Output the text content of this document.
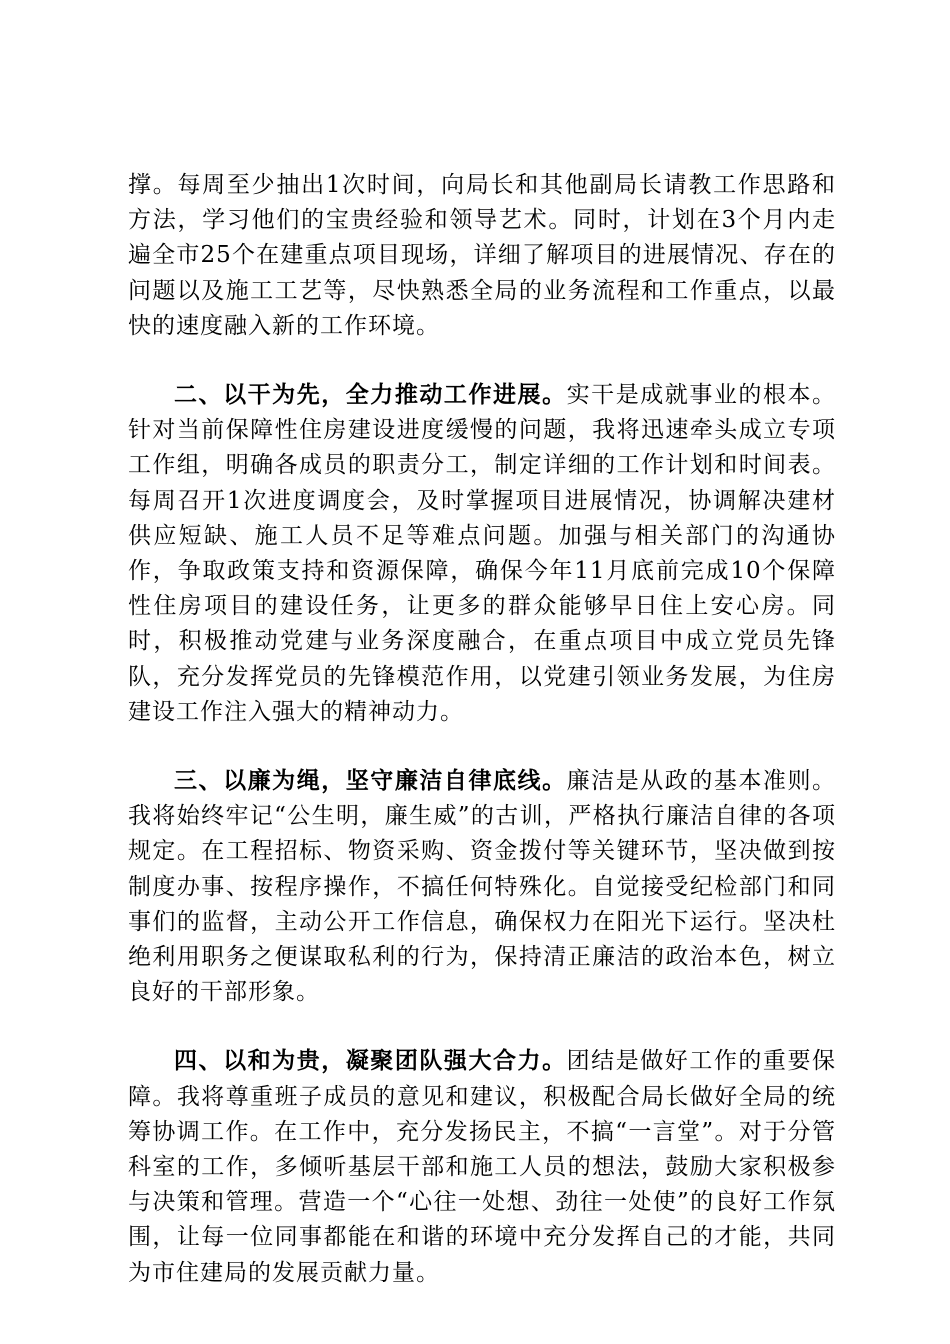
撑。每周至少抽出1次时间，向局长和其他副局长请教工作思路和方法，学习他们的宝贵经验和领导艺术。同时，计划在3个月内走遍全市25个在建重点项目现场，详细了解项目的进展情况、存在的问题以及施工工艺等，尽快熟悉全局的业务流程和工作重点，以最快的速度融入新的工作环境。

二、以干为先，全力推动工作进展。实干是成就事业的根本。针对当前保障性住房建设进度缓慢的问题，我将迅速牵头成立专项工作组，明确各成员的职责分工，制定详细的工作计划和时间表。每周召开1次进度调度会，及时掌握项目进展情况，协调解决建材供应短缺、施工人员不足等难点问题。加强与相关部门的沟通协作，争取政策支持和资源保障，确保今年11月底前完成10个保障性住房项目的建设任务，让更多的群众能够早日住上安心房。同时，积极推动党建与业务深度融合，在重点项目中成立党员先锋队，充分发挥党员的先锋模范作用，以党建引领业务发展，为住房建设工作注入强大的精神动力。

三、以廉为绳，坚守廉洁自律底线。廉洁是从政的基本准则。我将始终牢记“公生明，廉生威”的古训，严格执行廉洁自律的各项规定。在工程招标、物资采购、资金拨付等关键环节，坚决做到按制度办事、按程序操作，不搞任何特殊化。自觉接受纪检部门和同事们的监督，主动公开工作信息，确保权力在阳光下运行。坚决杜绝利用职务之便谋取私利的行为，保持清正廉洁的政治本色，树立良好的干部形象。

四、以和为贵，凝聚团队强大合力。团结是做好工作的重要保障。我将尊重班子成员的意见和建议，积极配合局长做好全局的统筹协调工作。在工作中，充分发扬民主，不搞“一言堂”。对于分管科室的工作，多倾听基层干部和施工人员的想法，鼓励大家积极参与决策和管理。营造一个“心往一处想、劲往一处使”的良好工作氛围，让每一位同事都能在和谐的环境中充分发挥自己的才能，共同为市住建局的发展贡献力量。
